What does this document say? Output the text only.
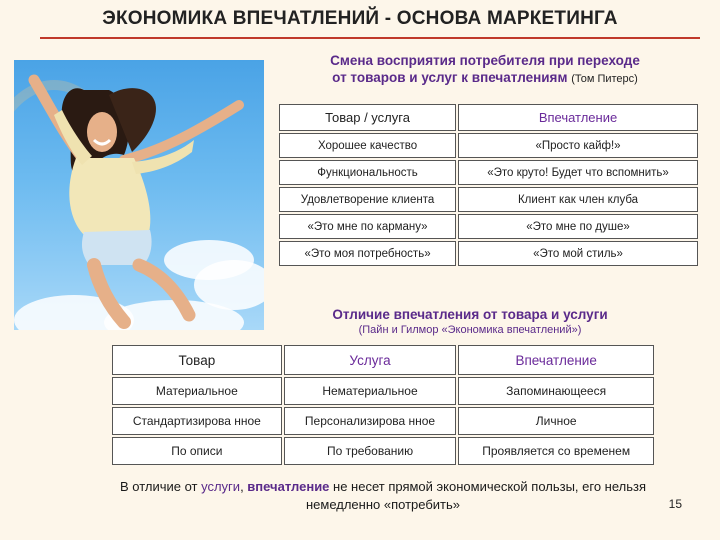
ЭКОНОМИКА ВПЕЧАТЛЕНИЙ - ОСНОВА МАРКЕТИНГА
Смена восприятия потребителя при переходе
от товаров и услуг к впечатлениям (Том Питерс)
Товар / услуга	Впечатление
Хорошее качество	«Просто кайф!»
Функциональность	«Это круто! Будет что вспомнить»
Удовлетворение клиента	Клиент как член клуба
«Это мне по карману»	«Это мне по душе»
«Это моя потребность»	«Это мой стиль»
Отличие впечатления от товара и услуги
(Пайн и Гилмор «Экономика впечатлений»)
Товар	Услуга	Впечатление
Материальное	Нематериальное	Запоминающееся
Стандартизирова нное	Персонализирова нное	Личное
По описи	По требованию	Проявляется со временем
В отличие от услуги, впечатление не несет прямой экономической пользы, его нельзя немедленно «потребить»	15
